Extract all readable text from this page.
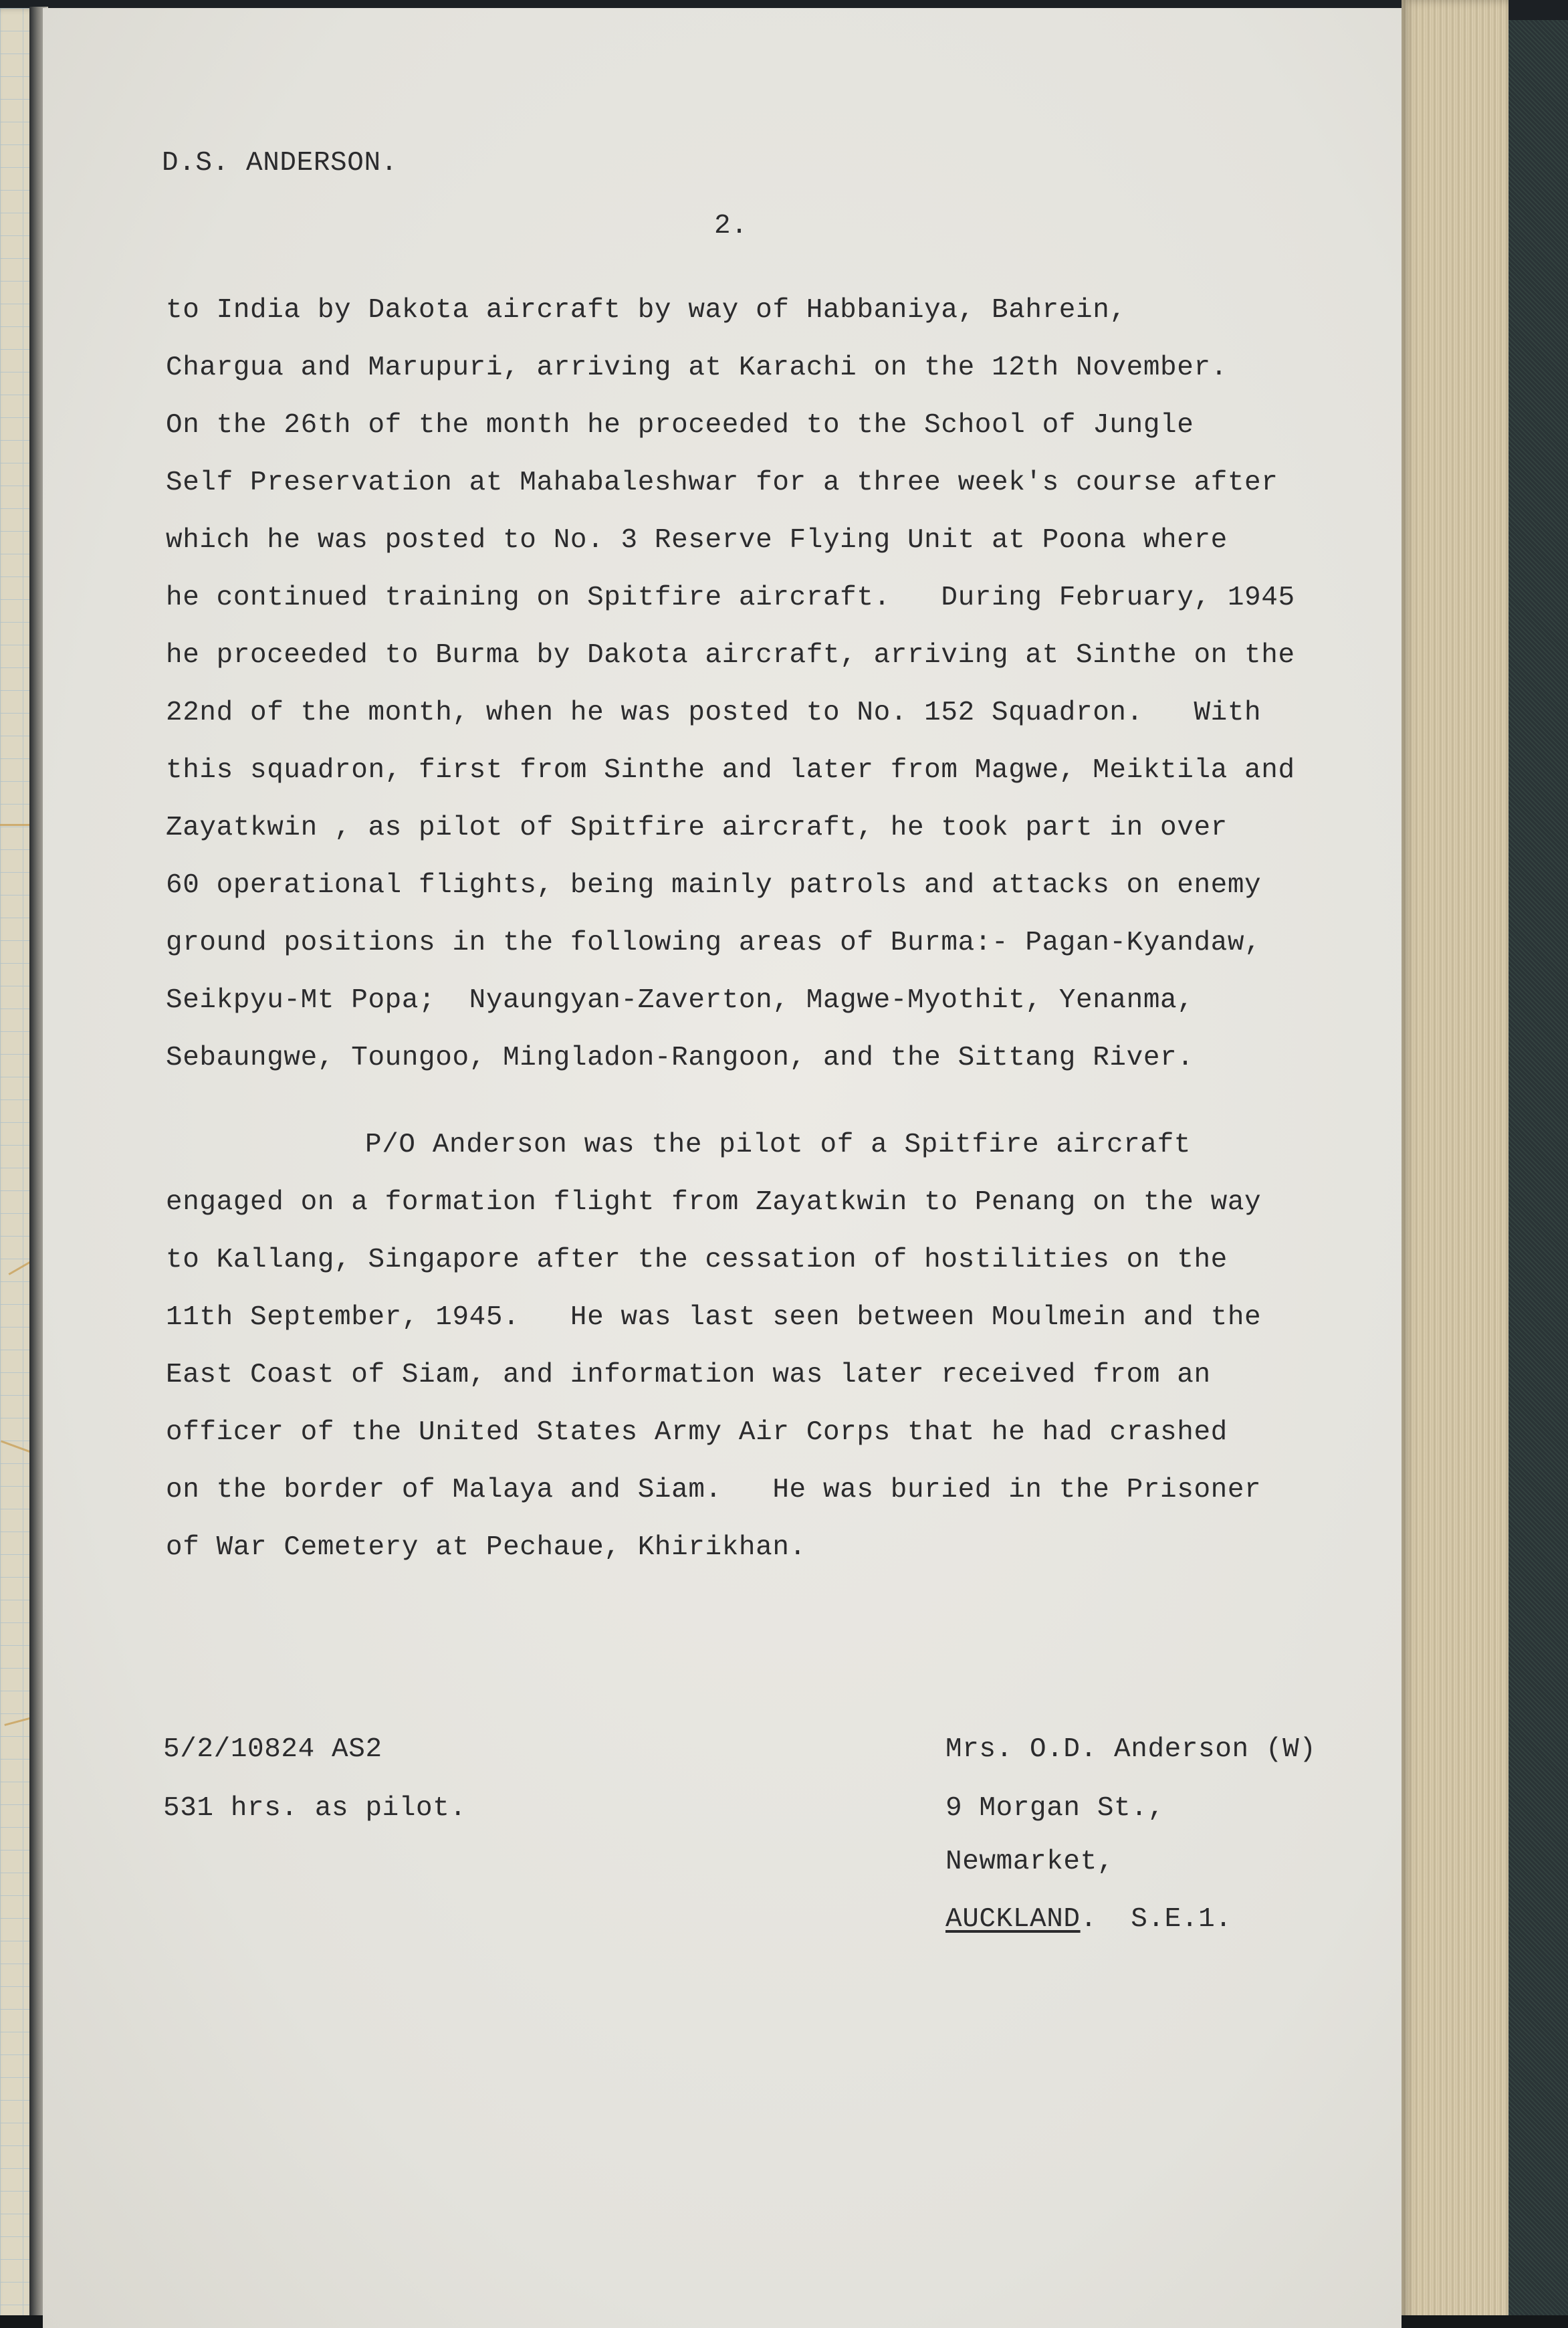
D.S. ANDERSON.
2.
to India by Dakota aircraft by way of Habbaniya, Bahrein,
Chargua and Marupuri, arriving at Karachi on the 12th November.
On the 26th of the month he proceeded to the School of Jungle
Self Preservation at Mahabaleshwar for a three week's course after
which he was posted to No. 3 Reserve Flying Unit at Poona where
he continued training on Spitfire aircraft.   During February, 1945
he proceeded to Burma by Dakota aircraft, arriving at Sinthe on the
22nd of the month, when he was posted to No. 152 Squadron.   With
this squadron, first from Sinthe and later from Magwe, Meiktila and
Zayatkwin , as pilot of Spitfire aircraft, he took part in over
60 operational flights, being mainly patrols and attacks on enemy
ground positions in the following areas of Burma:- Pagan-Kyandaw,
Seikpyu-Mt Popa;  Nyaungyan-Zaverton, Magwe-Myothit, Yenanma,
Sebaungwe, Toungoo, Mingladon-Rangoon, and the Sittang River.
P/O Anderson was the pilot of a Spitfire aircraft
engaged on a formation flight from Zayatkwin to Penang on the way
to Kallang, Singapore after the cessation of hostilities on the
11th September, 1945.   He was last seen between Moulmein and the
East Coast of Siam, and information was later received from an
officer of the United States Army Air Corps that he had crashed
on the border of Malaya and Siam.   He was buried in the Prisoner
of War Cemetery at Pechaue, Khirikhan.
5/2/10824 AS2
531 hrs. as pilot.
Mrs. O.D. Anderson (W)
9 Morgan St.,
Newmarket,
AUCKLAND.  S.E.1.
